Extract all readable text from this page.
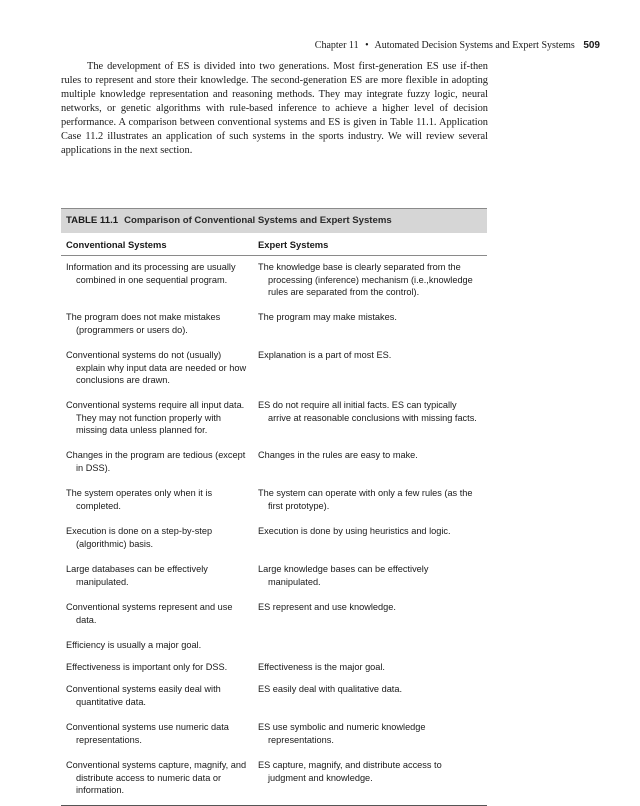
Chapter 11 • Automated Decision Systems and Expert Systems 509

The development of ES is divided into two generations. Most first-generation ES use if-then rules to represent and store their knowledge. The second-generation ES are more flexible in adopting multiple knowledge representation and reasoning methods. They may integrate fuzzy logic, neural networks, or genetic algorithms with rule-based inference to achieve a higher level of decision performance. A comparison between conventional systems and ES is given in Table 11.1. Application Case 11.2 illustrates an application of such systems in the sports industry. We will review several applications in the next section.

TABLE 11.1 Comparison of Conventional Systems and Expert Systems
Conventional Systems	Expert Systems

Information and its processing are usually combined in one sequential program.	The knowledge base is clearly separated from the processing (inference) mechanism (i.e.,knowledge rules are separated from the control).

The program does not make mistakes (programmers or users do).	The program may make mistakes.

Conventional systems do not (usually) explain why input data are needed or how conclusions are drawn.	Explanation is a part of most ES.

Conventional systems require all input data. They may not function properly with missing data unless planned for.	ES do not require all initial facts. ES can typically arrive at reasonable conclusions with missing facts.

Changes in the program are tedious (except in DSS).	Changes in the rules are easy to make.

The system operates only when it is completed.	The system can operate with only a few rules (as the first prototype).

Execution is done on a step-by-step (algorithmic) basis.	Execution is done by using heuristics and logic.

Large databases can be effectively manipulated.	Large knowledge bases can be effectively manipulated.

Conventional systems represent and use data.	ES represent and use knowledge.

Efficiency is usually a major goal.	

Effectiveness is important only for DSS.	Effectiveness is the major goal.

Conventional systems easily deal with quantitative data.	ES easily deal with qualitative data.

Conventional systems use numeric data representations.	ES use symbolic and numeric knowledge representations.

Conventional systems capture, magnify, and distribute access to numeric data or information.	ES capture, magnify, and distribute access to judgment and knowledge.
